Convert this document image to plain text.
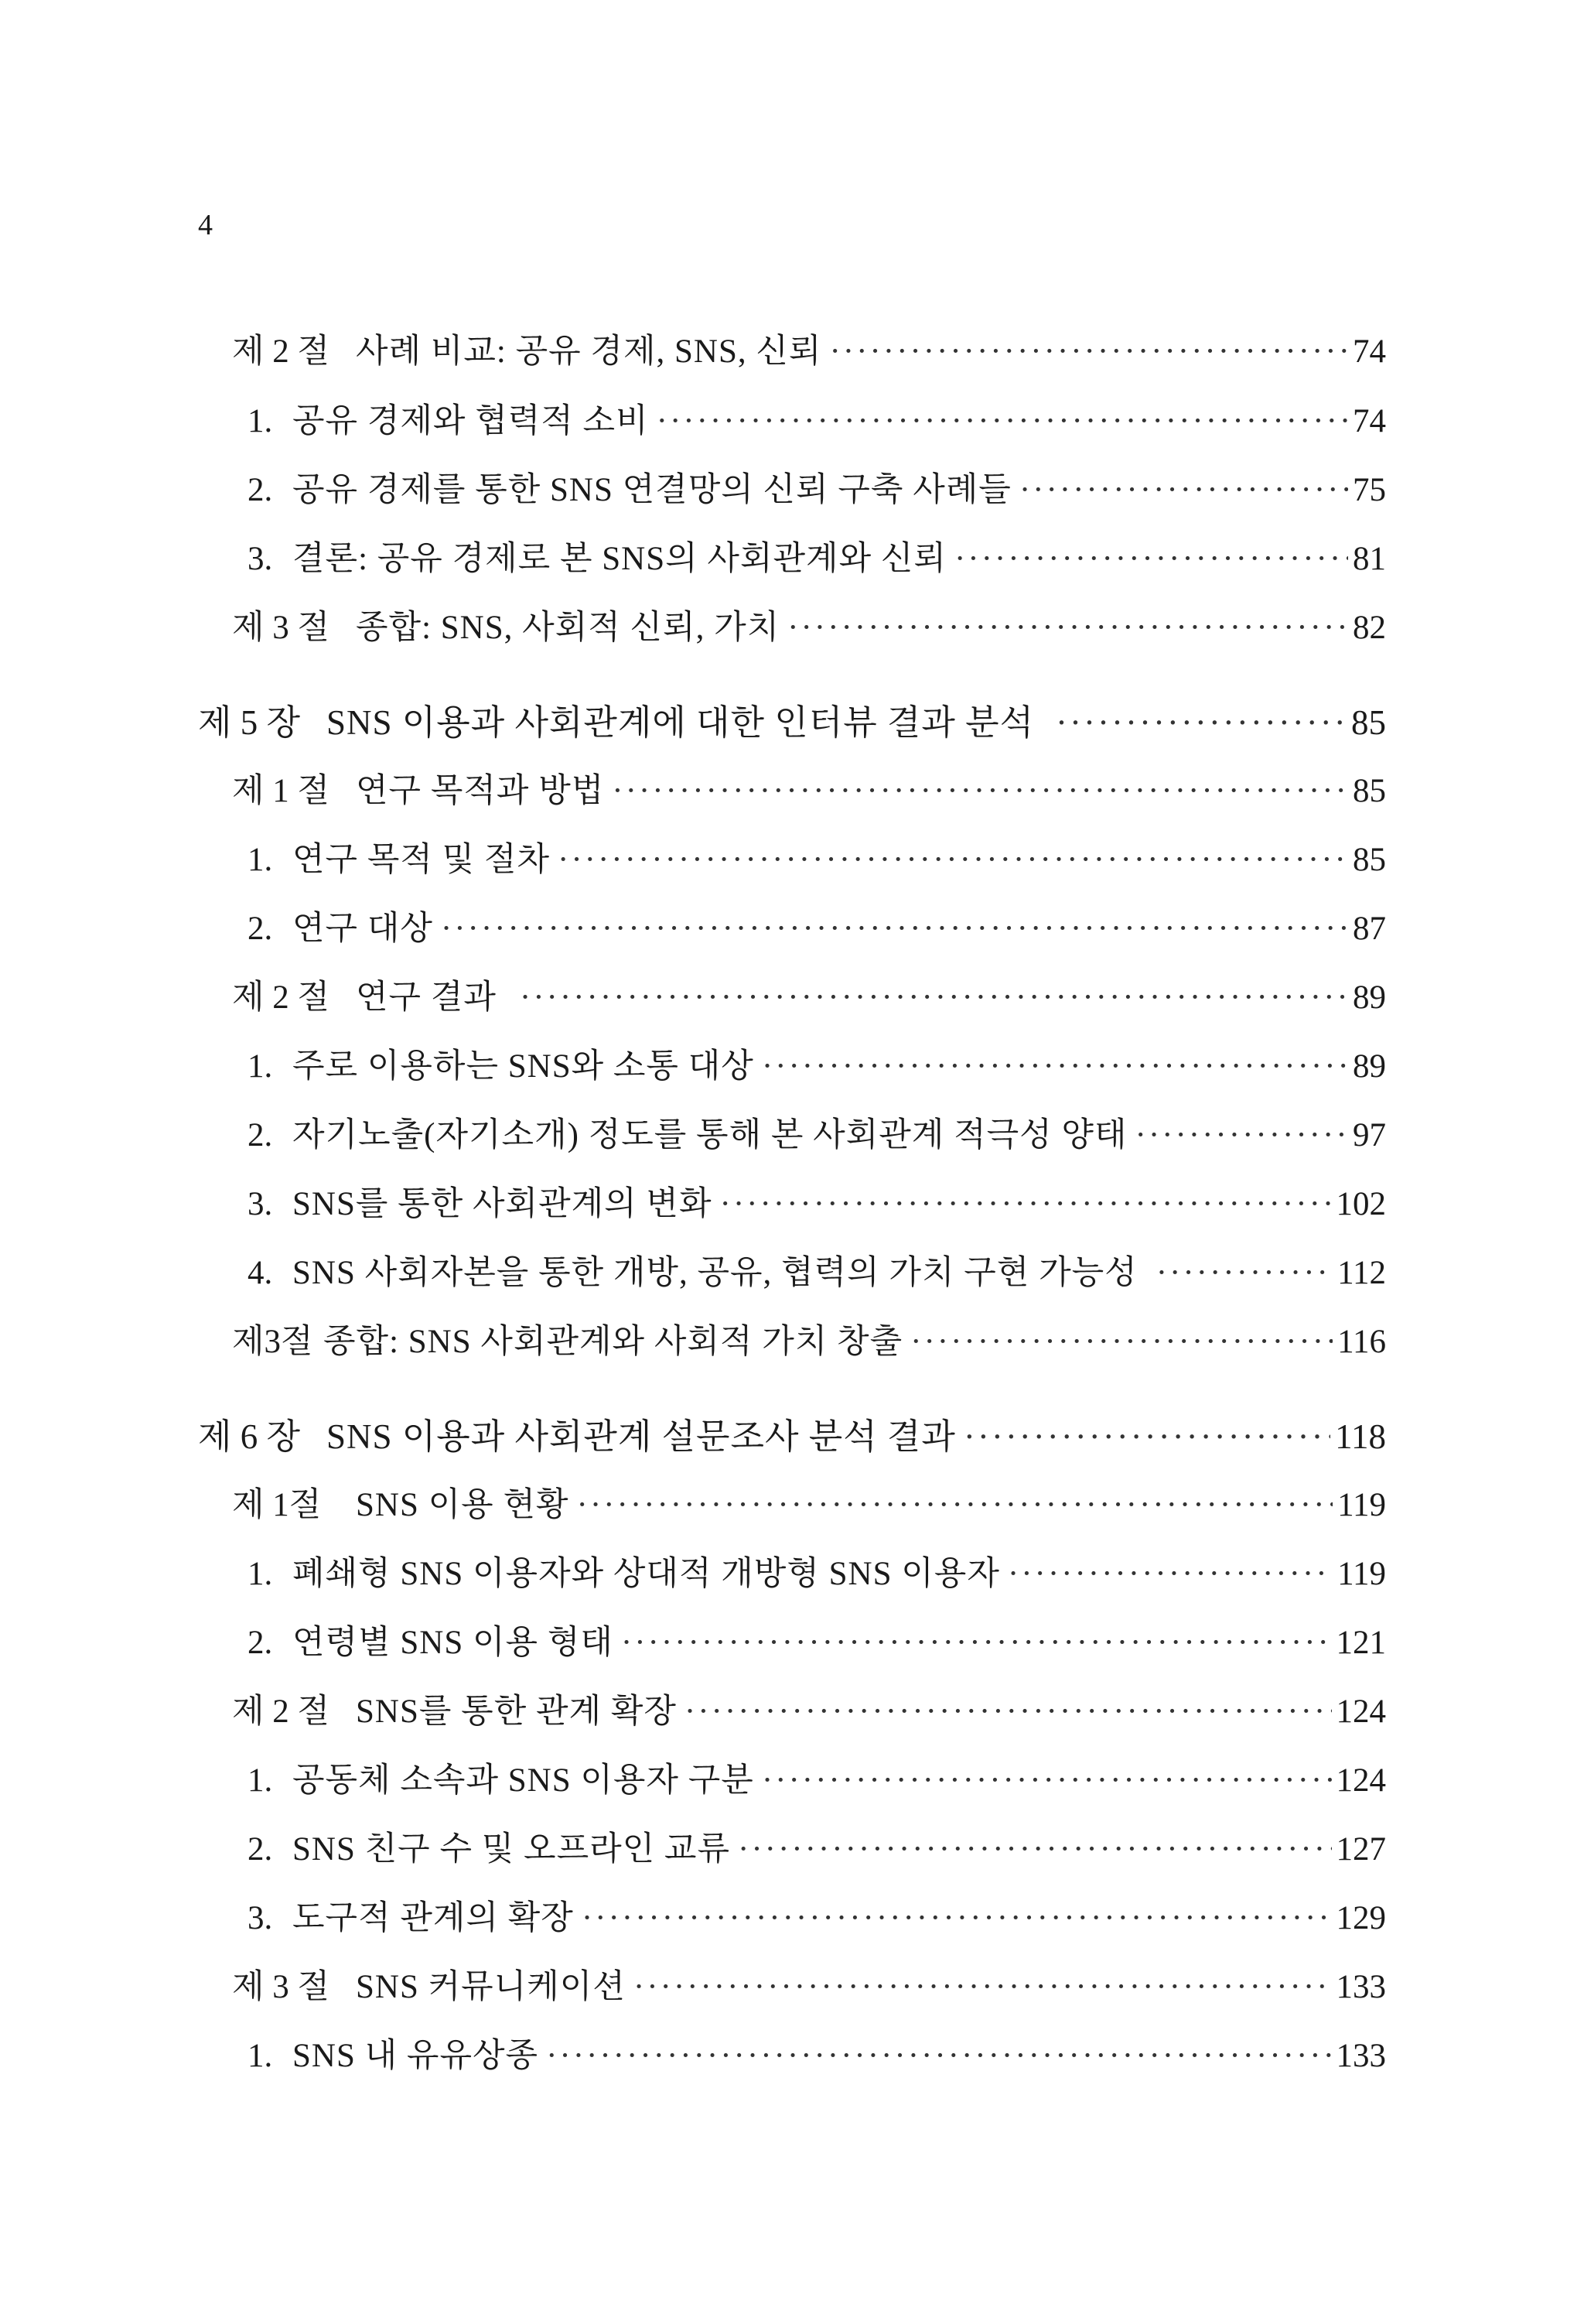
4
제 2 절 사례 비교: 공유 경제, SNS, 신뢰 ·····	74
1. 공유 경제와 협력적 소비 ·····	74
2. 공유 경제를 통한 SNS 연결망의 신뢰 구축 사례들 ·····	75
3. 결론: 공유 경제로 본 SNS의 사회관계와 신뢰 ·····	81
제 3 절 종합: SNS, 사회적 신뢰, 가치 ·····	82
제 5 장 SNS 이용과 사회관계에 대한 인터뷰 결과 분석 ·····	85
제 1 절 연구 목적과 방법 ·····	85
1. 연구 목적 및 절차 ·····	85
2. 연구 대상 ·····	87
제 2 절 연구 결과 ·····	89
1. 주로 이용하는 SNS와 소통 대상 ·····	89
2. 자기노출(자기소개) 정도를 통해 본 사회관계 적극성 양태 ·····	97
3. SNS를 통한 사회관계의 변화 ·····	102
4. SNS 사회자본을 통한 개방, 공유, 협력의 가치 구현 가능성 ·····	112
제3절 종합: SNS 사회관계와 사회적 가치 창출 ·····	116
제 6 장 SNS 이용과 사회관계 설문조사 분석 결과 ·····	118
제 1절	SNS 이용 현황 ·····	119
1. 폐쇄형 SNS 이용자와 상대적 개방형 SNS 이용자 ·····	119
2. 연령별 SNS 이용 형태 ·····	121
제 2 절 SNS를 통한 관계 확장 ·····	124
1. 공동체 소속과 SNS 이용자 구분 ·····	124
2. SNS 친구 수 및 오프라인 교류 ·····	127
3. 도구적 관계의 확장 ·····	129
제 3 절 SNS 커뮤니케이션 ·····	133
1. SNS 내 유유상종 ·····	133
